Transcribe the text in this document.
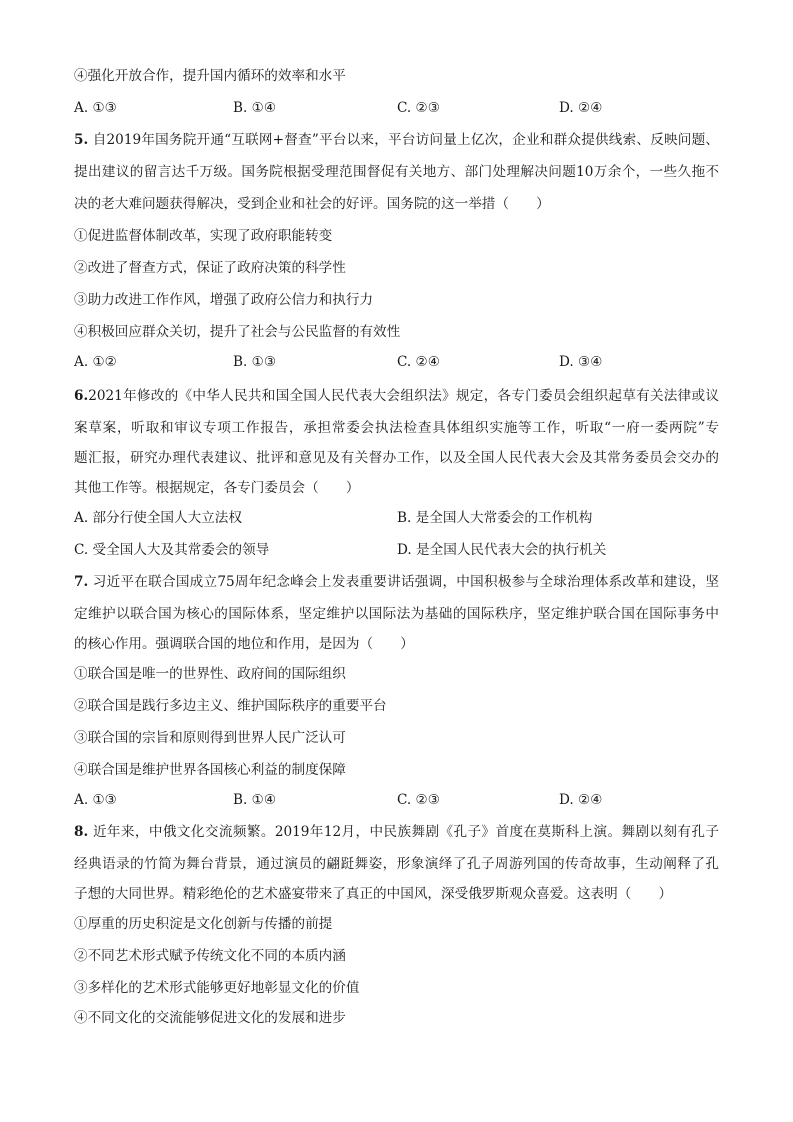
④强化开放合作，提升国内循环的效率和水平
A. ①③	B. ①④	C. ②③	D. ②④
5. 自2019年国务院开通“互联网+督查”平台以来，平台访问量上亿次，企业和群众提供线索、反映问题、
提出建议的留言达千万级。国务院根据受理范围督促有关地方、部门处理解决问题10万余个，一些久拖不
决的老大难问题获得解决，受到企业和社会的好评。国务院的这一举措（　　）
①促进监督体制改革，实现了政府职能转变
②改进了督查方式，保证了政府决策的科学性
③助力改进工作作风，增强了政府公信力和执行力
④积极回应群众关切，提升了社会与公民监督的有效性
A. ①②	B. ①③	C. ②④	D. ③④
6.2021年修改的《中华人民共和国全国人民代表大会组织法》规定，各专门委员会组织起草有关法律或议
案草案，听取和审议专项工作报告，承担常委会执法检查具体组织实施等工作，听取“一府一委两院”专
题汇报，研究办理代表建议、批评和意见及有关督办工作，以及全国人民代表大会及其常务委员会交办的
其他工作等。根据规定，各专门委员会（　　）
A. 部分行使全国人大立法权	B. 是全国人大常委会的工作机构
C. 受全国人大及其常委会的领导	D. 是全国人民代表大会的执行机关
7. 习近平在联合国成立75周年纪念峰会上发表重要讲话强调，中国积极参与全球治理体系改革和建设，坚
定维护以联合国为核心的国际体系，坚定维护以国际法为基础的国际秩序，坚定维护联合国在国际事务中
的核心作用。强调联合国的地位和作用，是因为（　　）
①联合国是唯一的世界性、政府间的国际组织
②联合国是践行多边主义、维护国际秩序的重要平台
③联合国的宗旨和原则得到世界人民广泛认可
④联合国是维护世界各国核心利益的制度保障
A. ①③	B. ①④	C. ②③	D. ②④
8. 近年来，中俄文化交流频繁。2019年12月，中民族舞剧《孔子》首度在莫斯科上演。舞剧以刻有孔子
经典语录的竹简为舞台背景，通过演员的翩跹舞姿，形象演绎了孔子周游列国的传奇故事，生动阐释了孔
子想的大同世界。精彩绝伦的艺术盛宴带来了真正的中国风，深受俄罗斯观众喜爱。这表明（　　）
①厚重的历史积淀是文化创新与传播的前提
②不同艺术形式赋予传统文化不同的本质内涵
③多样化的艺术形式能够更好地彰显文化的价值
④不同文化的交流能够促进文化的发展和进步
